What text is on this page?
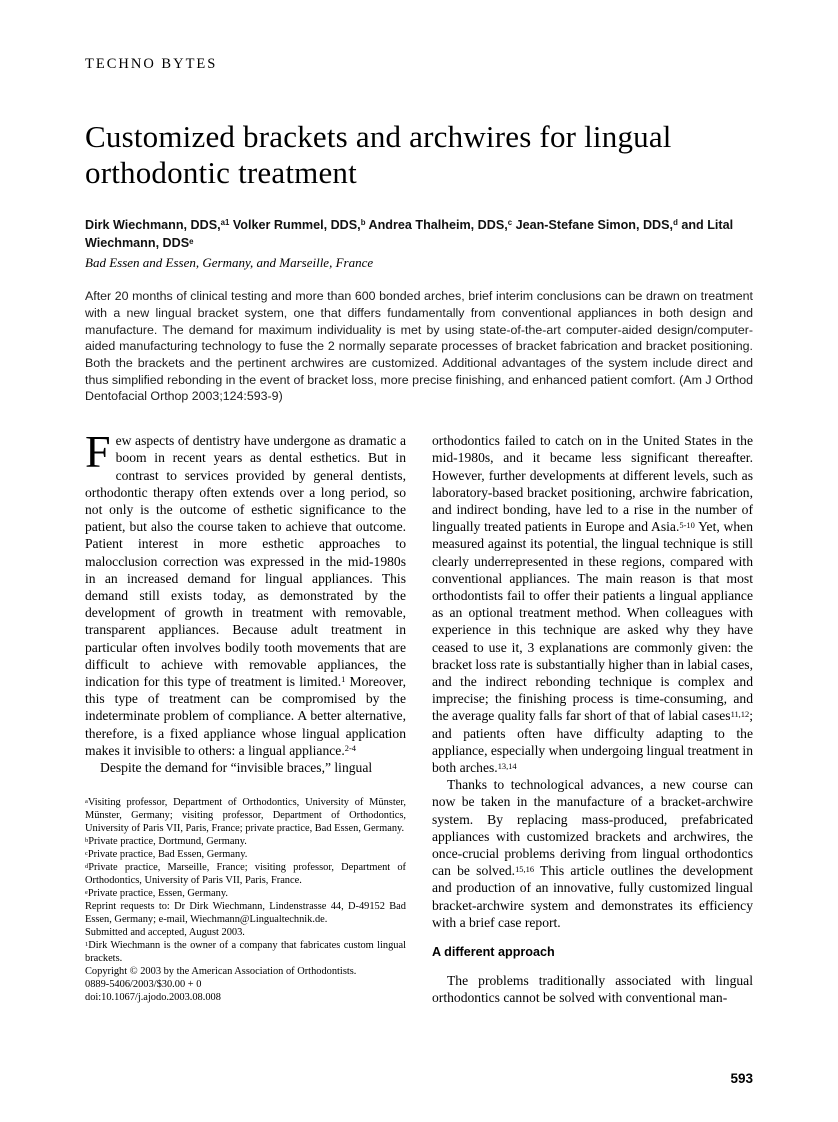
TECHNO BYTES
Customized brackets and archwires for lingual orthodontic treatment
Dirk Wiechmann, DDS,$^{a1}$ Volker Rummel, DDS,$^b$ Andrea Thalheim, DDS,$^c$ Jean-Stefane Simon, DDS,$^d$ and Lital Wiechmann, DDS$^e$
Bad Essen and Essen, Germany, and Marseille, France
After 20 months of clinical testing and more than 600 bonded arches, brief interim conclusions can be drawn on treatment with a new lingual bracket system, one that differs fundamentally from conventional appliances in both design and manufacture. The demand for maximum individuality is met by using state-of-the-art computer-aided design/computer-aided manufacturing technology to fuse the 2 normally separate processes of bracket fabrication and bracket positioning. Both the brackets and the pertinent archwires are customized. Additional advantages of the system include direct and thus simplified rebonding in the event of bracket loss, more precise finishing, and enhanced patient comfort. (Am J Orthod Dentofacial Orthop 2003;124:593-9)

Few aspects of dentistry have undergone as dramatic a boom in recent years as dental esthetics. But in contrast to services provided by general dentists, orthodontic therapy often extends over a long period, so not only is the outcome of esthetic significance to the patient, but also the course taken to achieve that outcome. Patient interest in more esthetic approaches to malocclusion correction was expressed in the mid-1980s in an increased demand for lingual appliances. This demand still exists today, as demonstrated by the development of growth in treatment with removable, transparent appliances. Because adult treatment in particular often involves bodily tooth movements that are difficult to achieve with removable appliances, the indication for this type of treatment is limited.$^1$ Moreover, this type of treatment can be compromised by the indeterminate problem of compliance. A better alternative, therefore, is a fixed appliance whose lingual application makes it invisible to others: a lingual appliance.$^{2-4}$

Despite the demand for “invisible braces,” lingual

$^a$Visiting professor, Department of Orthodontics, University of Münster, Münster, Germany; visiting professor, Department of Orthodontics, University of Paris VII, Paris, France; private practice, Bad Essen, Germany.

$^b$Private practice, Dortmund, Germany.

$^c$Private practice, Bad Essen, Germany.

$^d$Private practice, Marseille, France; visiting professor, Department of Orthodontics, University of Paris VII, Paris, France.

$^e$Private practice, Essen, Germany.

Reprint requests to: Dr Dirk Wiechmann, Lindenstrasse 44, D-49152 Bad Essen, Germany; e-mail, Wiechmann@Lingualtechnik.de.

Submitted and accepted, August 2003.

$^1$Dirk Wiechmann is the owner of a company that fabricates custom lingual brackets.

Copyright © 2003 by the American Association of Orthodontists.

0889-5406/2003/$30.00 + 0

doi:10.1067/j.ajodo.2003.08.008

orthodontics failed to catch on in the United States in the mid-1980s, and it became less significant thereafter. However, further developments at different levels, such as laboratory-based bracket positioning, archwire fabrication, and indirect bonding, have led to a rise in the number of lingually treated patients in Europe and Asia.$^{5-10}$ Yet, when measured against its potential, the lingual technique is still clearly underrepresented in these regions, compared with conventional appliances. The main reason is that most orthodontists fail to offer their patients a lingual appliance as an optional treatment method. When colleagues with experience in this technique are asked why they have ceased to use it, 3 explanations are commonly given: the bracket loss rate is substantially higher than in labial cases, and the indirect rebonding technique is complex and imprecise; the finishing process is time-consuming, and the average quality falls far short of that of labial cases$^{11,12}$; and patients often have difficulty adapting to the appliance, especially when undergoing lingual treatment in both arches.$^{13,14}$

Thanks to technological advances, a new course can now be taken in the manufacture of a bracket-archwire system. By replacing mass-produced, prefabricated appliances with customized brackets and archwires, the once-crucial problems deriving from lingual orthodontics can be solved.$^{15,16}$ This article outlines the development and production of an innovative, fully customized lingual bracket-archwire system and demonstrates its efficiency with a brief case report.

A different approach

The problems traditionally associated with lingual orthodontics cannot be solved with conventional man-

593
